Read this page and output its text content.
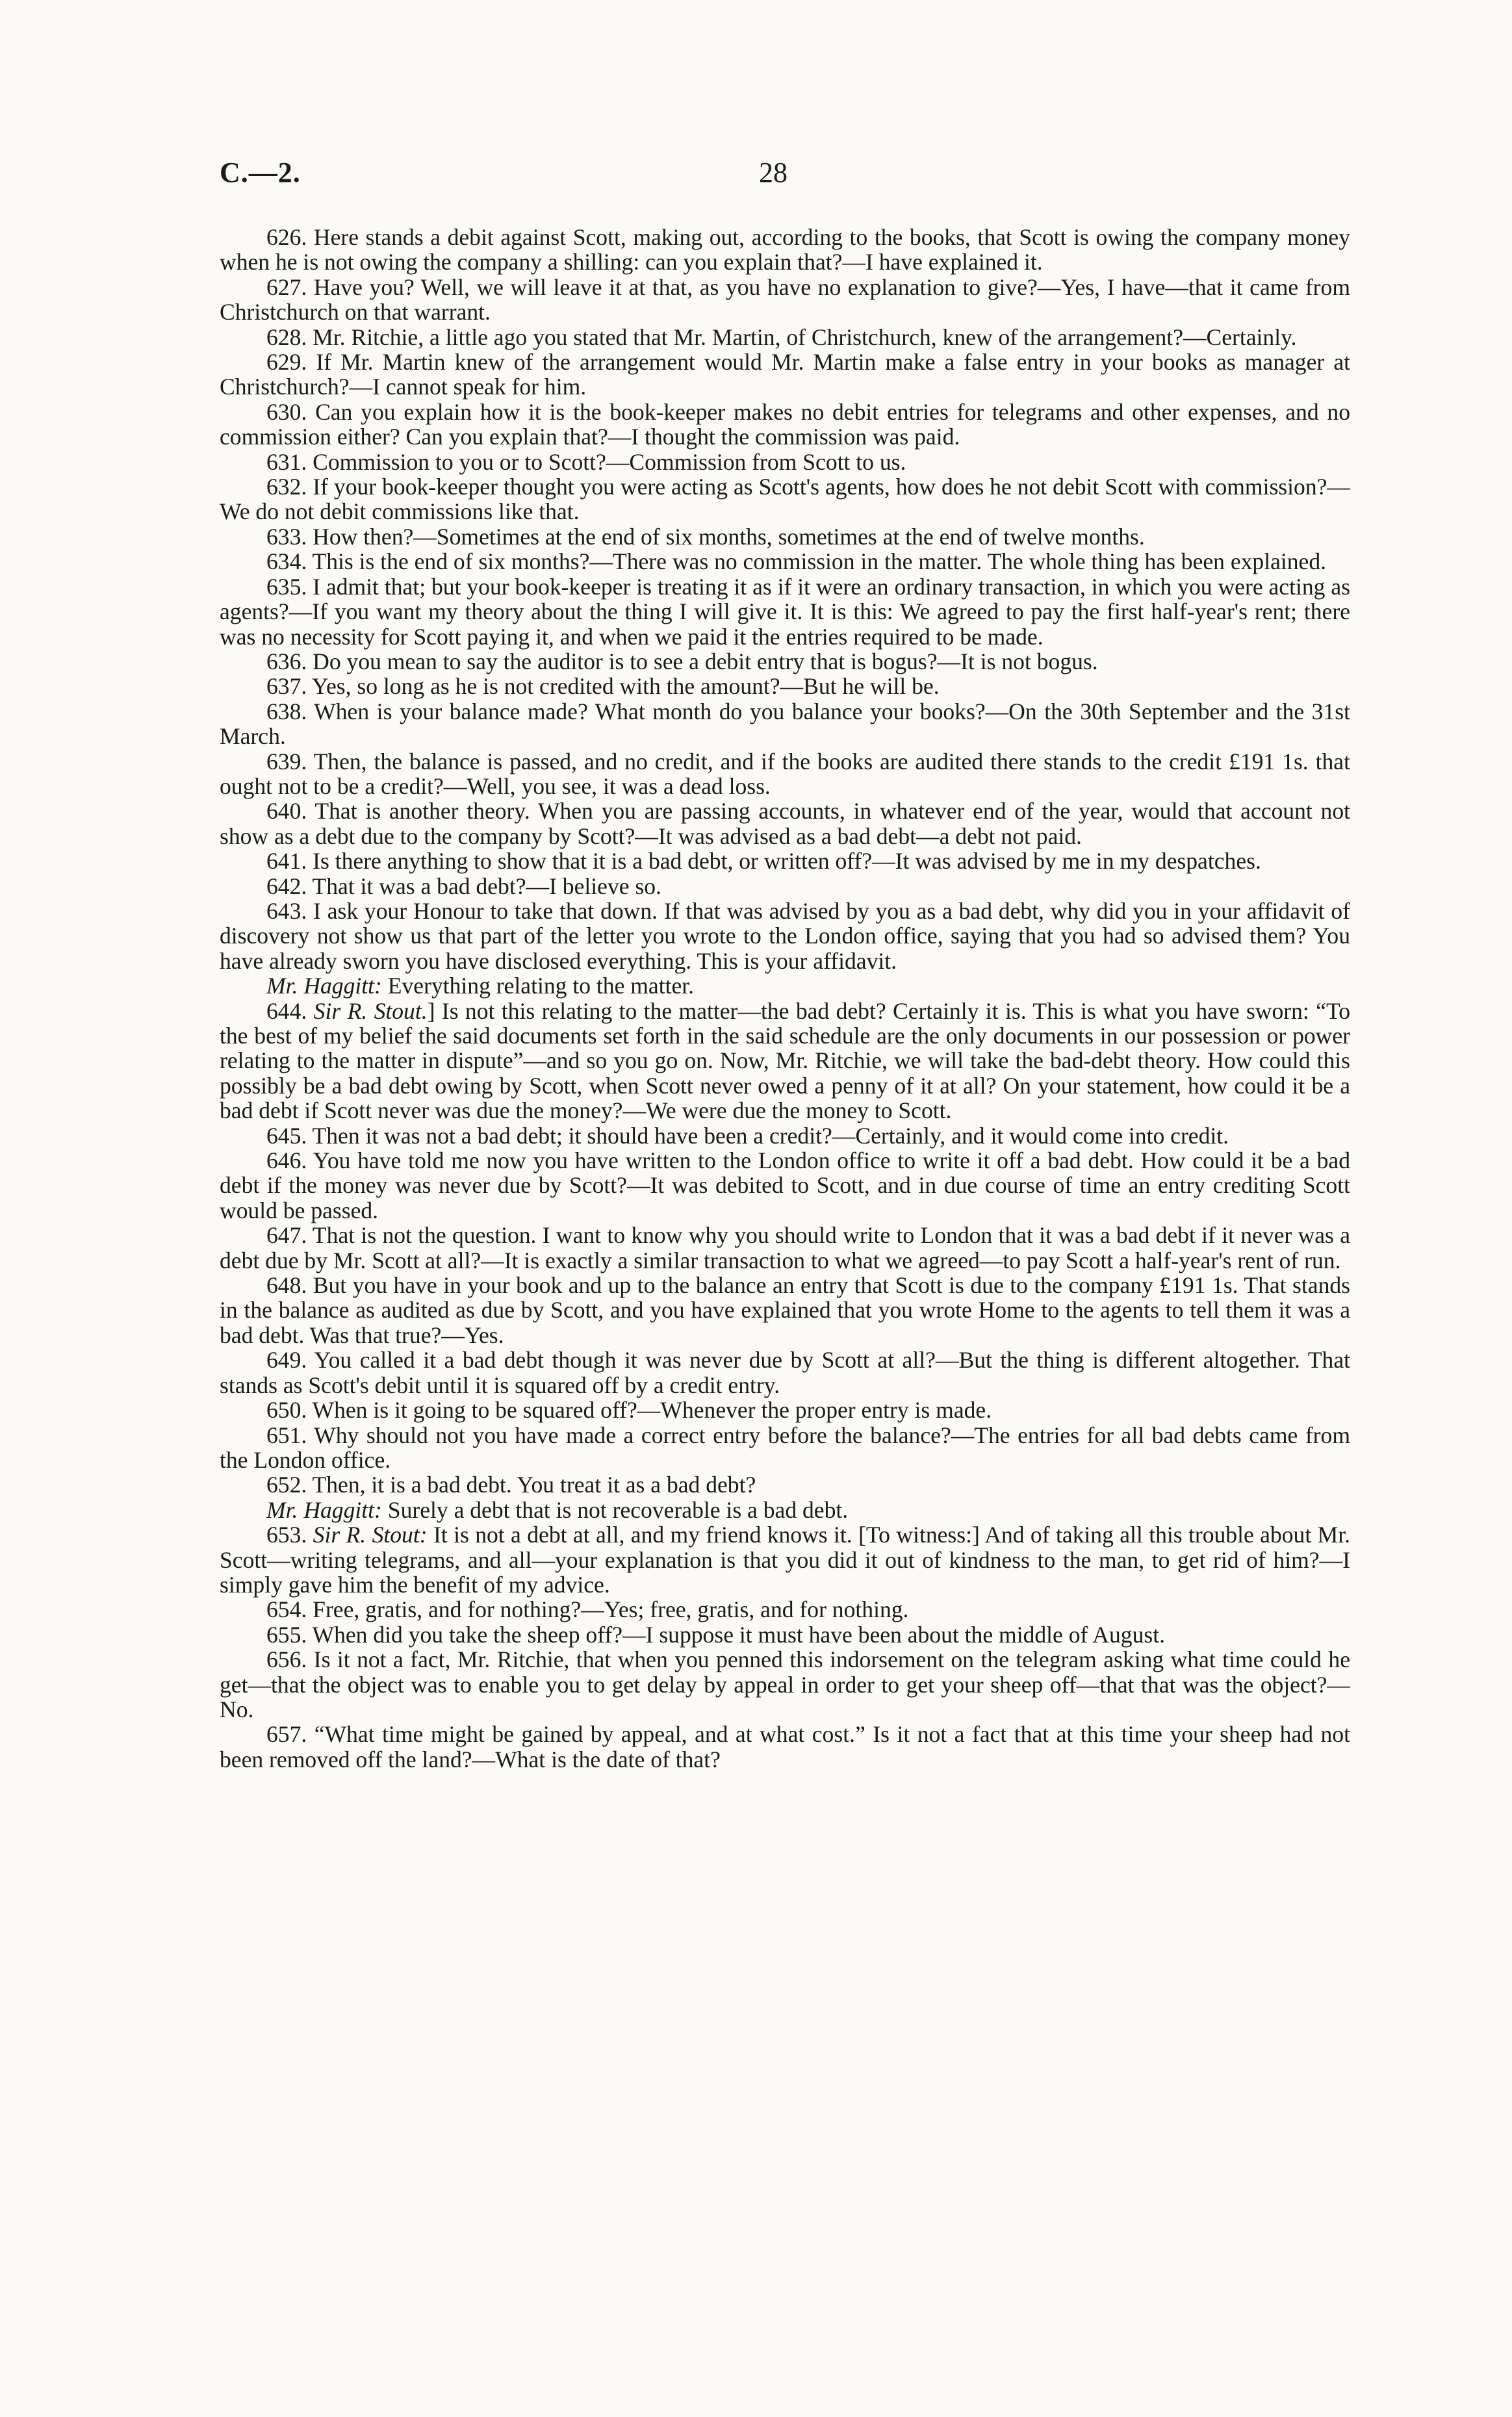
C.—2.	28

626. Here stands a debit against Scott, making out, according to the books, that Scott is owing the company money when he is not owing the company a shilling: can you explain that?—I have explained it.

627. Have you? Well, we will leave it at that, as you have no explanation to give?—Yes, I have—that it came from Christchurch on that warrant.

628. Mr. Ritchie, a little ago you stated that Mr. Martin, of Christchurch, knew of the arrangement?—Certainly.

629. If Mr. Martin knew of the arrangement would Mr. Martin make a false entry in your books as manager at Christchurch?—I cannot speak for him.

630. Can you explain how it is the book-keeper makes no debit entries for telegrams and other expenses, and no commission either? Can you explain that?—I thought the commission was paid.

631. Commission to you or to Scott?—Commission from Scott to us.

632. If your book-keeper thought you were acting as Scott's agents, how does he not debit Scott with commission?—We do not debit commissions like that.

633. How then?—Sometimes at the end of six months, sometimes at the end of twelve months.

634. This is the end of six months?—There was no commission in the matter. The whole thing has been explained.

635. I admit that; but your book-keeper is treating it as if it were an ordinary transaction, in which you were acting as agents?—If you want my theory about the thing I will give it. It is this: We agreed to pay the first half-year's rent; there was no necessity for Scott paying it, and when we paid it the entries required to be made.

636. Do you mean to say the auditor is to see a debit entry that is bogus?—It is not bogus.

637. Yes, so long as he is not credited with the amount?—But he will be.

638. When is your balance made? What month do you balance your books?—On the 30th September and the 31st March.

639. Then, the balance is passed, and no credit, and if the books are audited there stands to the credit £191 1s. that ought not to be a credit?—Well, you see, it was a dead loss.

640. That is another theory. When you are passing accounts, in whatever end of the year, would that account not show as a debt due to the company by Scott?—It was advised as a bad debt—a debt not paid.

641. Is there anything to show that it is a bad debt, or written off?—It was advised by me in my despatches.

642. That it was a bad debt?—I believe so.

643. I ask your Honour to take that down. If that was advised by you as a bad debt, why did you in your affidavit of discovery not show us that part of the letter you wrote to the London office, saying that you had so advised them? You have already sworn you have disclosed everything. This is your affidavit.

Mr. Haggitt: Everything relating to the matter.

644. Sir R. Stout.] Is not this relating to the matter—the bad debt? Certainly it is. This is what you have sworn: “To the best of my belief the said documents set forth in the said schedule are the only documents in our possession or power relating to the matter in dispute”—and so you go on. Now, Mr. Ritchie, we will take the bad-debt theory. How could this possibly be a bad debt owing by Scott, when Scott never owed a penny of it at all? On your statement, how could it be a bad debt if Scott never was due the money?—We were due the money to Scott.

645. Then it was not a bad debt; it should have been a credit?—Certainly, and it would come into credit.

646. You have told me now you have written to the London office to write it off a bad debt. How could it be a bad debt if the money was never due by Scott?—It was debited to Scott, and in due course of time an entry crediting Scott would be passed.

647. That is not the question. I want to know why you should write to London that it was a bad debt if it never was a debt due by Mr. Scott at all?—It is exactly a similar transaction to what we agreed—to pay Scott a half-year's rent of run.

648. But you have in your book and up to the balance an entry that Scott is due to the company £191 1s. That stands in the balance as audited as due by Scott, and you have explained that you wrote Home to the agents to tell them it was a bad debt. Was that true?—Yes.

649. You called it a bad debt though it was never due by Scott at all?—But the thing is different altogether. That stands as Scott's debit until it is squared off by a credit entry.

650. When is it going to be squared off?—Whenever the proper entry is made.

651. Why should not you have made a correct entry before the balance?—The entries for all bad debts came from the London office.

652. Then, it is a bad debt. You treat it as a bad debt?

Mr. Haggitt: Surely a debt that is not recoverable is a bad debt.

653. Sir R. Stout: It is not a debt at all, and my friend knows it. [To witness:] And of taking all this trouble about Mr. Scott—writing telegrams, and all—your explanation is that you did it out of kindness to the man, to get rid of him?—I simply gave him the benefit of my advice.

654. Free, gratis, and for nothing?—Yes; free, gratis, and for nothing.

655. When did you take the sheep off?—I suppose it must have been about the middle of August.

656. Is it not a fact, Mr. Ritchie, that when you penned this indorsement on the telegram asking what time could he get—that the object was to enable you to get delay by appeal in order to get your sheep off—that that was the object?—No.

657. “What time might be gained by appeal, and at what cost.” Is it not a fact that at this time your sheep had not been removed off the land?—What is the date of that?
